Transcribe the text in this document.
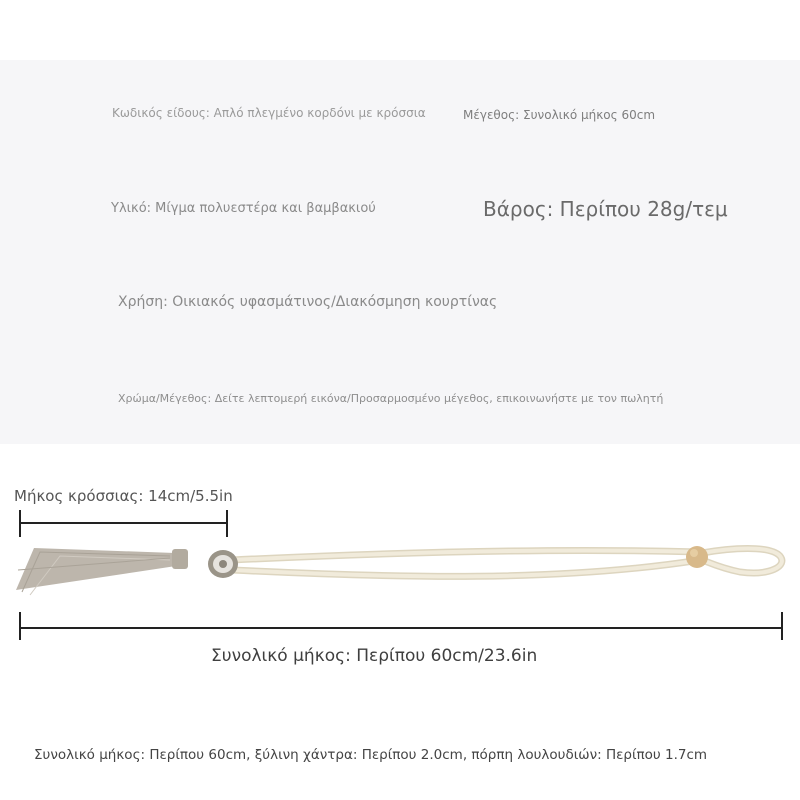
Κωδικός είδους: Απλό πλεγμένο κορδόνι με κρόσσια	Μέγεθος: Συνολικό μήκος 60cm
Υλικό: Μίγμα πολυεστέρα και βαμβακιού	Βάρος: Περίπου 28g/τεμ
Χρήση: Οικιακός υφασμάτινος/Διακόσμηση κουρτίνας
Χρώμα/Μέγεθος: Δείτε λεπτομερή εικόνα/Προσαρμοσμένο μέγεθος, επικοινωνήστε με τον πωλητή
Μήκος κρόσσιας: 14cm/5.5in
Συνολικό μήκος: Περίπου 60cm/23.6in
Συνολικό μήκος: Περίπου 60cm, ξύλινη χάντρα: Περίπου 2.0cm, πόρπη λουλουδιών: Περίπου 1.7cm
